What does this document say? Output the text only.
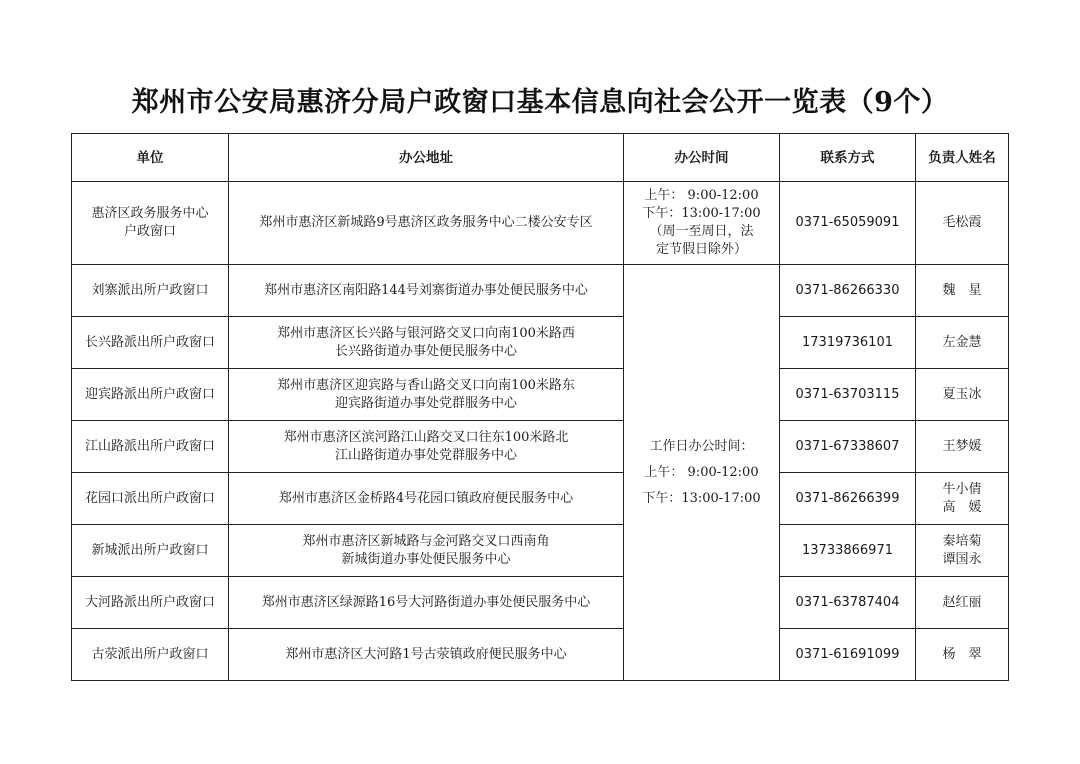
郑州市公安局惠济分局户政窗口基本信息向社会公开一览表（9个）
单位	办公地址	办公时间	联系方式	负责人姓名

惠济区政务服务中心
户政窗口	郑州市惠济区新城路9号惠济区政务服务中心二楼公安专区	上午： 9:00-12:00
下午：13:00-17:00
（周一至周日，法
定节假日除外）	0371-65059091	毛松霞

刘寨派出所户政窗口	郑州市惠济区南阳路144号刘寨街道办事处便民服务中心	工作日办公时间：
上午： 9:00-12:00
下午：13:00-17:00	0371-86266330	魏　星

长兴路派出所户政窗口	郑州市惠济区长兴路与银河路交叉口向南100米路西
长兴路街道办事处便民服务中心		17319736101	左金慧

迎宾路派出所户政窗口	郑州市惠济区迎宾路与香山路交叉口向南100米路东
迎宾路街道办事处党群服务中心		0371-63703115	夏玉冰

江山路派出所户政窗口	郑州市惠济区滨河路江山路交叉口往东100米路北
江山路街道办事处党群服务中心		0371-67338607	王梦媛

花园口派出所户政窗口	郑州市惠济区金桥路4号花园口镇政府便民服务中心		0371-86266399	牛小倩
高　媛

新城派出所户政窗口	郑州市惠济区新城路与金河路交叉口西南角
新城街道办事处便民服务中心		13733866971	秦培菊
谭国永

大河路派出所户政窗口	郑州市惠济区绿源路16号大河路街道办事处便民服务中心		0371-63787404	赵红丽

古荥派出所户政窗口	郑州市惠济区大河路1号古荥镇政府便民服务中心		0371-61691099	杨　翠
